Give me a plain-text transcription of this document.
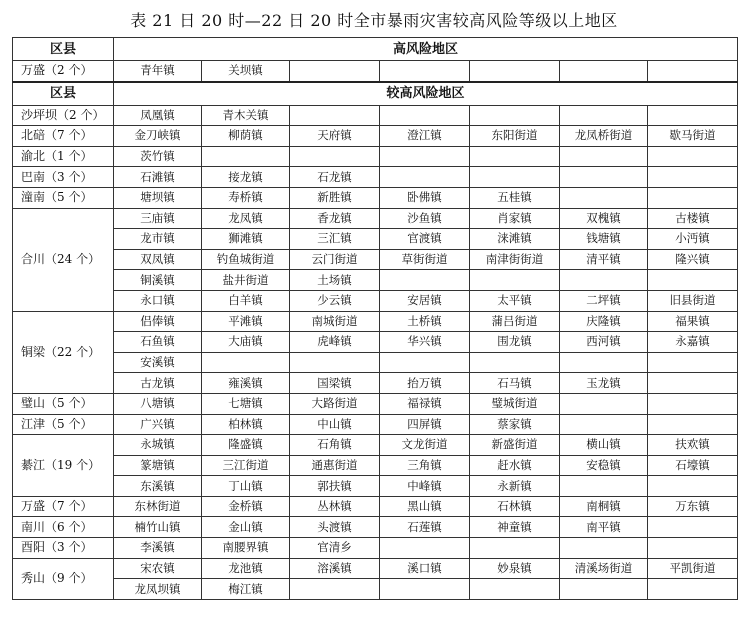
表 21 日 20 时—22 日 20 时全市暴雨灾害较高风险等级以上地区
区县	高风险地区						
万盛（2 个）	青年镇	关坝镇					
区县	较高风险地区						
沙坪坝（2 个）	凤凰镇	青木关镇					
北碚（7 个）	金刀峡镇	柳荫镇	天府镇	澄江镇	东阳街道	龙凤桥街道	歇马街道
渝北（1 个）	茨竹镇						
巴南（3 个）	石滩镇	接龙镇	石龙镇				
潼南（5 个）	塘坝镇	寿桥镇	新胜镇	卧佛镇	五桂镇		
合川（24 个）	三庙镇	龙凤镇	香龙镇	沙鱼镇	肖家镇	双槐镇	古楼镇
	龙市镇	狮滩镇	三汇镇	官渡镇	涞滩镇	钱塘镇	小沔镇
	双凤镇	钓鱼城街道	云门街道	草街街道	南津街街道	清平镇	隆兴镇
	铜溪镇	盐井街道	土场镇				
	永口镇	白羊镇	少云镇	安居镇	太平镇	二坪镇	旧县街道
铜梁（22 个）	侣俸镇	平滩镇	南城街道	土桥镇	蒲吕街道	庆隆镇	福果镇
	石鱼镇	大庙镇	虎峰镇	华兴镇	围龙镇	西河镇	永嘉镇
	安溪镇						
	古龙镇	雍溪镇	国梁镇	抬万镇	石马镇	玉龙镇	
璧山（5 个）	八塘镇	七塘镇	大路街道	福禄镇	璧城街道		
江津（5 个）	广兴镇	柏林镇	中山镇	四屏镇	蔡家镇		
綦江（19 个）	永城镇	隆盛镇	石角镇	文龙街道	新盛街道	横山镇	扶欢镇
	篆塘镇	三江街道	通惠街道	三角镇	赶水镇	安稳镇	石壕镇
	东溪镇	丁山镇	郭扶镇	中峰镇	永新镇		
万盛（7 个）	东林街道	金桥镇	丛林镇	黑山镇	石林镇	南桐镇	万东镇
南川（6 个）	楠竹山镇	金山镇	头渡镇	石莲镇	神童镇	南平镇	
酉阳（3 个）	李溪镇	南腰界镇	官清乡				
秀山（9 个）	宋农镇	龙池镇	溶溪镇	溪口镇	妙泉镇	清溪场街道	平凯街道
	龙凤坝镇	梅江镇					
